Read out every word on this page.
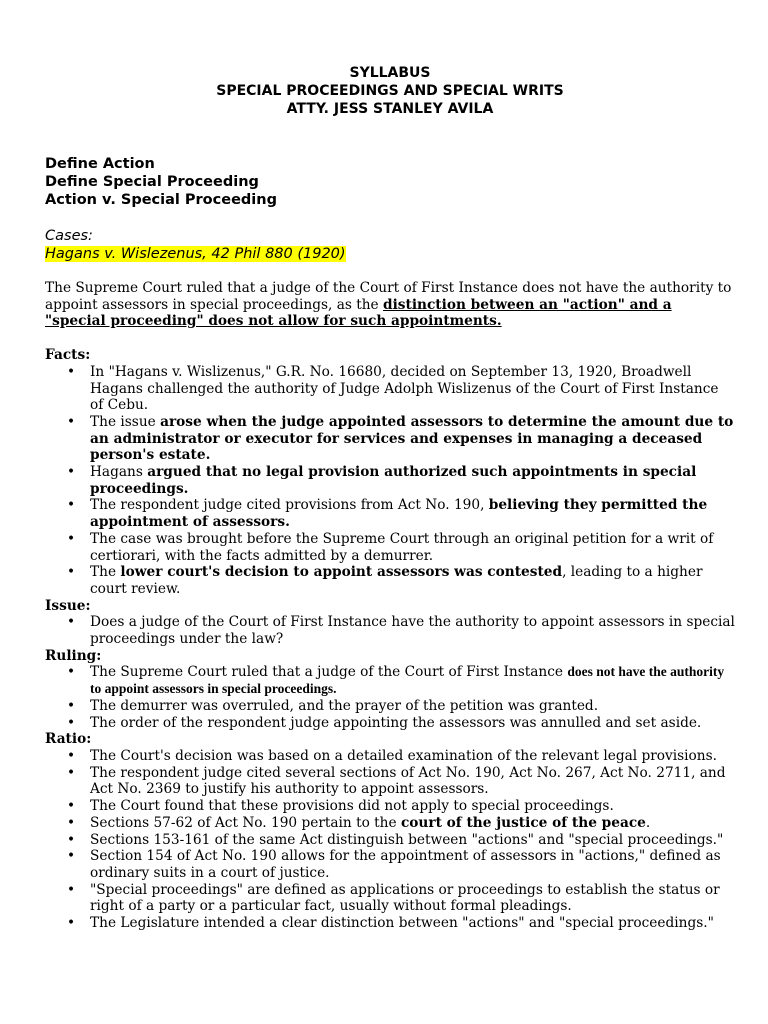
SYLLABUS
SPECIAL PROCEEDINGS AND SPECIAL WRITS
ATTY. JESS STANLEY AVILA
Define Action
Define Special Proceeding
Action v. Special Proceeding
Cases:
Hagans v. Wislezenus, 42 Phil 880 (1920)
The Supreme Court ruled that a judge of the Court of First Instance does not have the authority to appoint assessors in special proceedings, as the distinction between an "action" and a "special proceeding" does not allow for such appointments.
Facts:
• In "Hagans v. Wislizenus," G.R. No. 16680, decided on September 13, 1920, Broadwell Hagans challenged the authority of Judge Adolph Wislizenus of the Court of First Instance of Cebu.
• The issue arose when the judge appointed assessors to determine the amount due to an administrator or executor for services and expenses in managing a deceased person's estate.
• Hagans argued that no legal provision authorized such appointments in special proceedings.
• The respondent judge cited provisions from Act No. 190, believing they permitted the appointment of assessors.
• The case was brought before the Supreme Court through an original petition for a writ of certiorari, with the facts admitted by a demurrer.
• The lower court's decision to appoint assessors was contested, leading to a higher court review.
Issue:
• Does a judge of the Court of First Instance have the authority to appoint assessors in special proceedings under the law?
Ruling:
• The Supreme Court ruled that a judge of the Court of First Instance does not have the authority to appoint assessors in special proceedings.
• The demurrer was overruled, and the prayer of the petition was granted.
• The order of the respondent judge appointing the assessors was annulled and set aside.
Ratio:
• The Court's decision was based on a detailed examination of the relevant legal provisions.
• The respondent judge cited several sections of Act No. 190, Act No. 267, Act No. 2711, and Act No. 2369 to justify his authority to appoint assessors.
• The Court found that these provisions did not apply to special proceedings.
• Sections 57-62 of Act No. 190 pertain to the court of the justice of the peace.
• Sections 153-161 of the same Act distinguish between "actions" and "special proceedings."
• Section 154 of Act No. 190 allows for the appointment of assessors in "actions," defined as ordinary suits in a court of justice.
• "Special proceedings" are defined as applications or proceedings to establish the status or right of a party or a particular fact, usually without formal pleadings.
• The Legislature intended a clear distinction between "actions" and "special proceedings."
